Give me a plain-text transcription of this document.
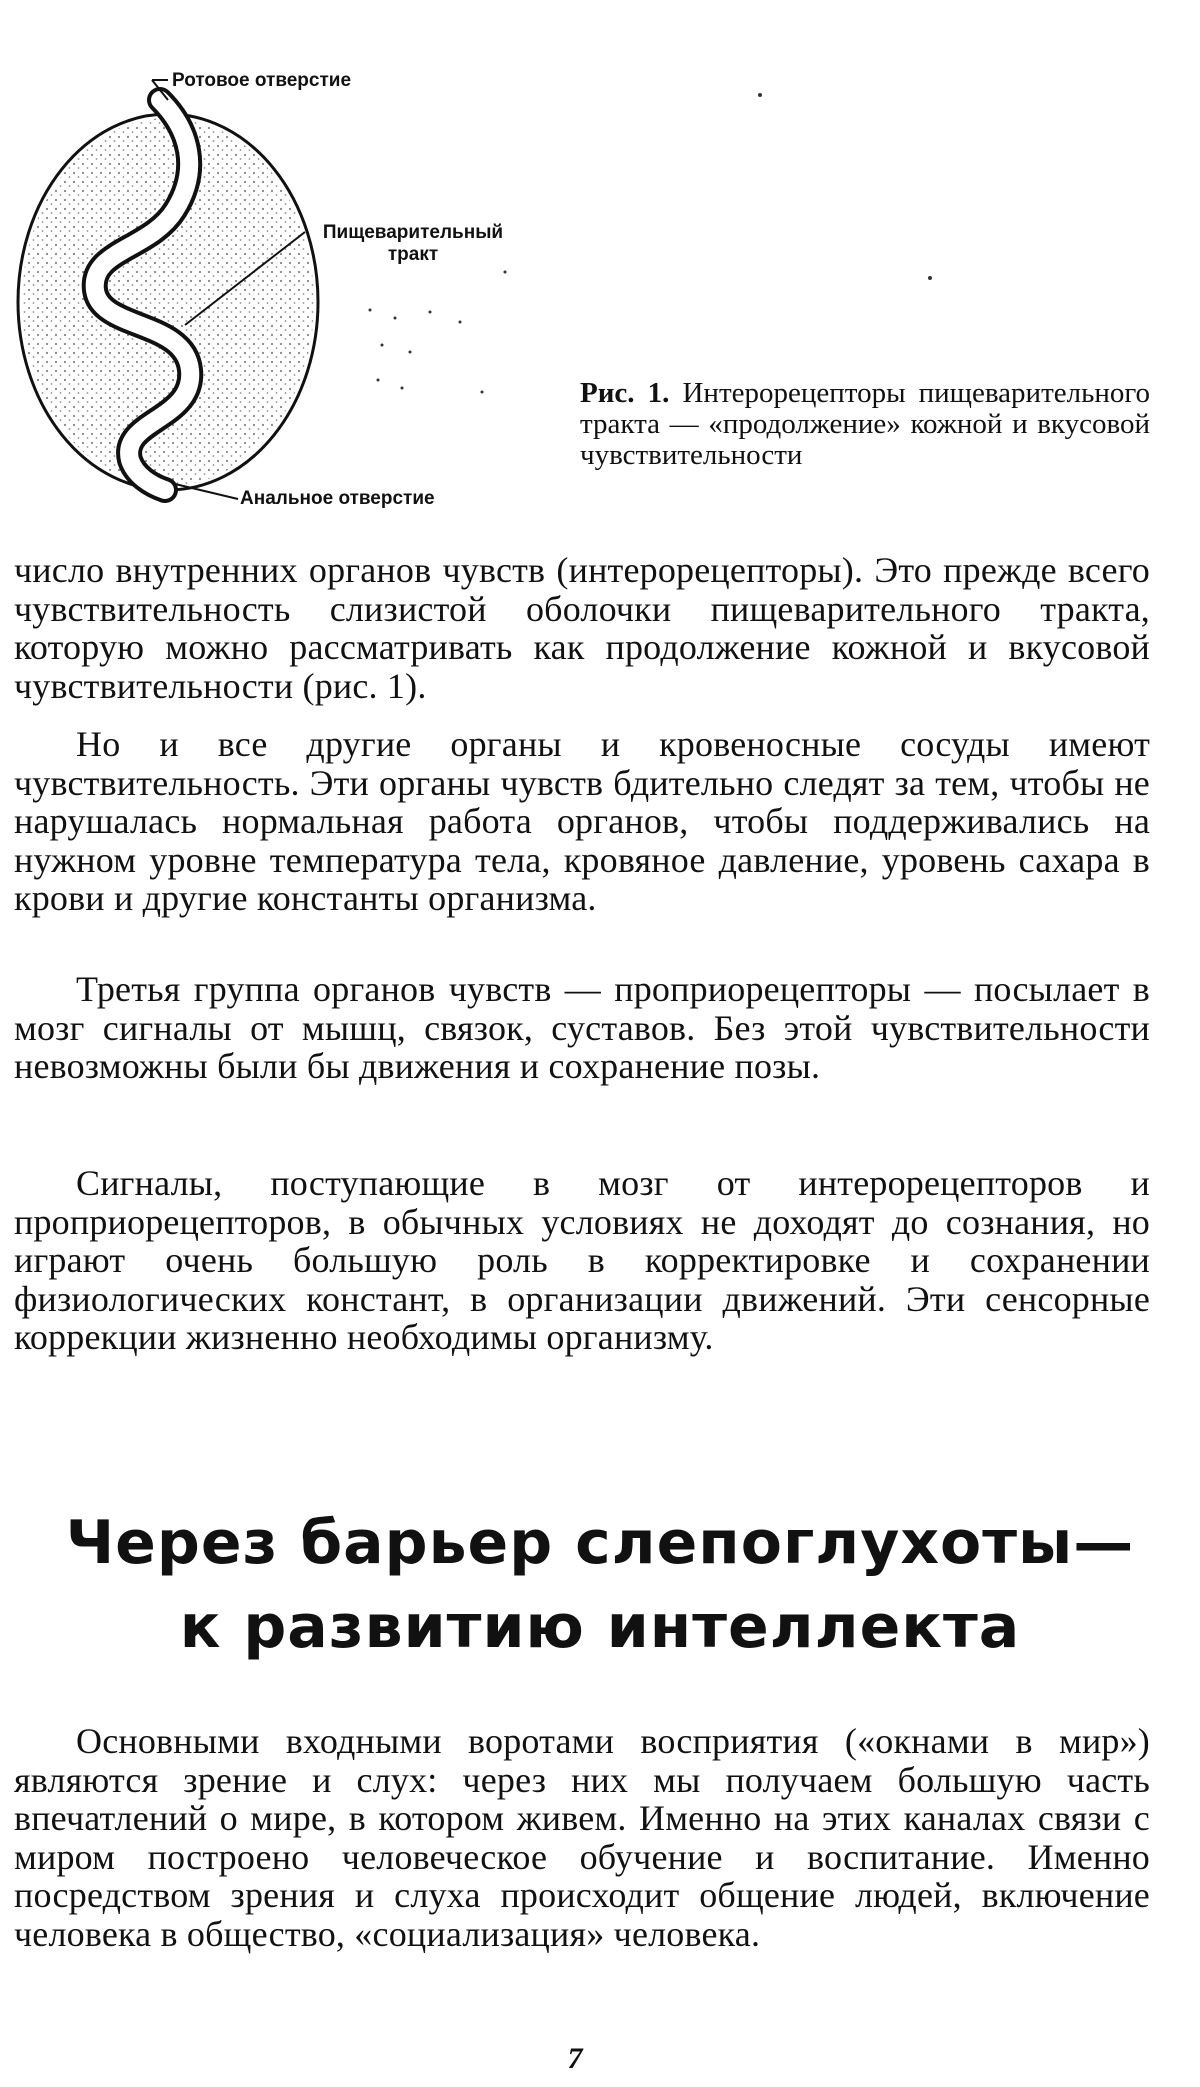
Ротовое отверстие
Пищеварительный тракт
Анальное отверстие
Рис. 1. Интерорецепторы пищеварительного тракта — «продолжение» кожной и вкусовой чувствительности

число внутренних органов чувств (интерорецепторы). Это прежде всего чувствительность слизистой оболочки пищеварительного тракта, которую можно рассматривать как продолжение кожной и вкусовой чувствительности (рис. 1).

Но и все другие органы и кровеносные сосуды имеют чувствительность. Эти органы чувств бдительно следят за тем, чтобы не нарушалась нормальная работа органов, чтобы поддерживались на нужном уровне температура тела, кровяное давление, уровень сахара в крови и другие константы организма.

Третья группа органов чувств — проприорецепторы — посылает в мозг сигналы от мышц, связок, суставов. Без этой чувствительности невозможны были бы движения и сохранение позы.

Сигналы, поступающие в мозг от интерорецепторов и проприорецепторов, в обычных условиях не доходят до сознания, но играют очень большую роль в корректировке и сохранении физиологических констант, в организации движений. Эти сенсорные коррекции жизненно необходимы организму.

Через барьер слепоглухоты—
к развитию интеллекта

Основными входными воротами восприятия («окнами в мир») являются зрение и слух: через них мы получаем большую часть впечатлений о мире, в котором живем. Именно на этих каналах связи с миром построено человеческое обучение и воспитание. Именно посредством зрения и слуха происходит общение людей, включение человека в общество, «социализация» человека.

7
